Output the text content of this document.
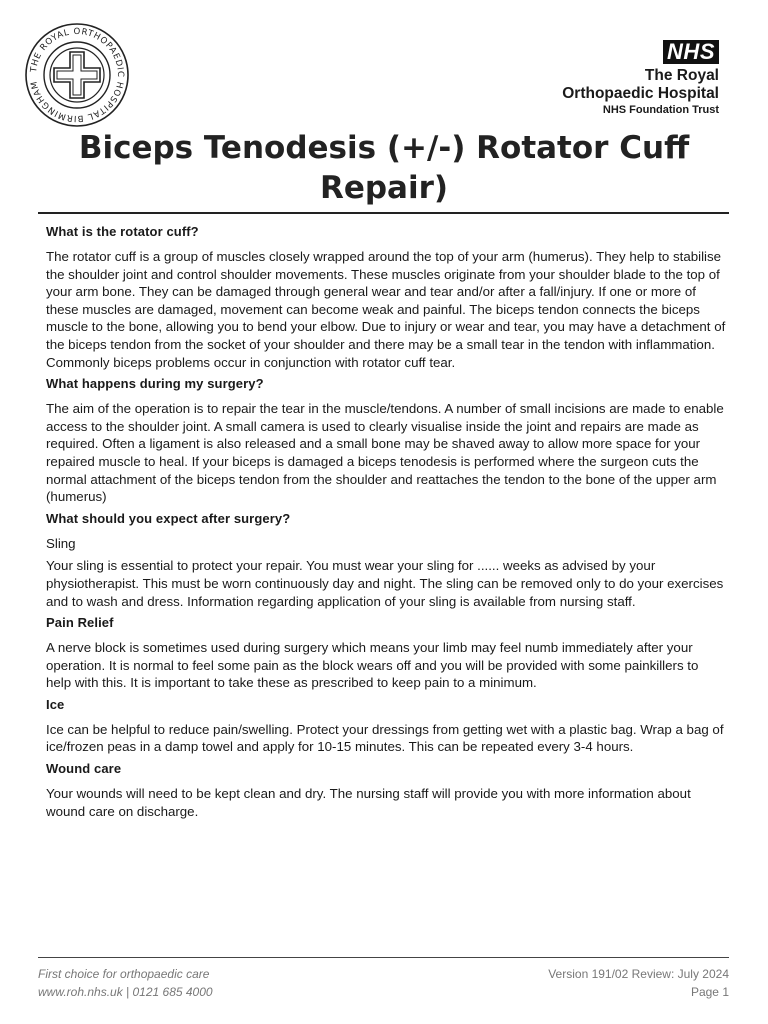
THE ROYAL ORTHOPAEDIC HOSPITAL BIRMINGHAM
NHS
The Royal
Orthopaedic Hospital
NHS Foundation Trust
Biceps Tenodesis (+/-) Rotator Cuff
Repair)
What is the rotator cuff?

The rotator cuff is a group of muscles closely wrapped around the top of your arm (humerus). They help to stabilise the shoulder joint and control shoulder movements. These muscles originate from your shoulder blade to the top of your arm bone. They can be damaged through general wear and tear and/or after a fall/injury. If one or more of these muscles are damaged, movement can become weak and painful. The biceps tendon connects the biceps muscle to the bone, allowing you to bend your elbow. Due to injury or wear and tear, you may have a detachment of the biceps tendon from the socket of your shoulder and there may be a small tear in the tendon with inflammation. Commonly biceps problems occur in conjunction with rotator cuff tear.

What happens during my surgery?

The aim of the operation is to repair the tear in the muscle/tendons. A number of small incisions are made to enable access to the shoulder joint. A small camera is used to clearly visualise inside the joint and repairs are made as required. Often a ligament is also released and a small bone may be shaved away to allow more space for your repaired muscle to heal. If your biceps is damaged a biceps tenodesis is performed where the surgeon cuts the normal attachment of the biceps tendon from the shoulder and reattaches the tendon to the bone of the upper arm (humerus)

What should you expect after surgery?

Sling

Your sling is essential to protect your repair. You must wear your sling for ...... weeks as advised by your physiotherapist. This must be worn continuously day and night. The sling can be removed only to do your exercises and to wash and dress. Information regarding application of your sling is available from nursing staff.

Pain Relief

A nerve block is sometimes used during surgery which means your limb may feel numb immediately after your operation. It is normal to feel some pain as the block wears off and you will be provided with some painkillers to help with this. It is important to take these as prescribed to keep pain to a minimum.

Ice

Ice can be helpful to reduce pain/swelling. Protect your dressings from getting wet with a plastic bag. Wrap a bag of ice/frozen peas in a damp towel and apply for 10-15 minutes. This can be repeated every 3-4 hours.

Wound care

Your wounds will need to be kept clean and dry. The nursing staff will provide you with more information about wound care on discharge.

First choice for orthopaedic care
www.roh.nhs.uk | 0121 685 4000
Version 191/02 Review: July 2024
Page 1
